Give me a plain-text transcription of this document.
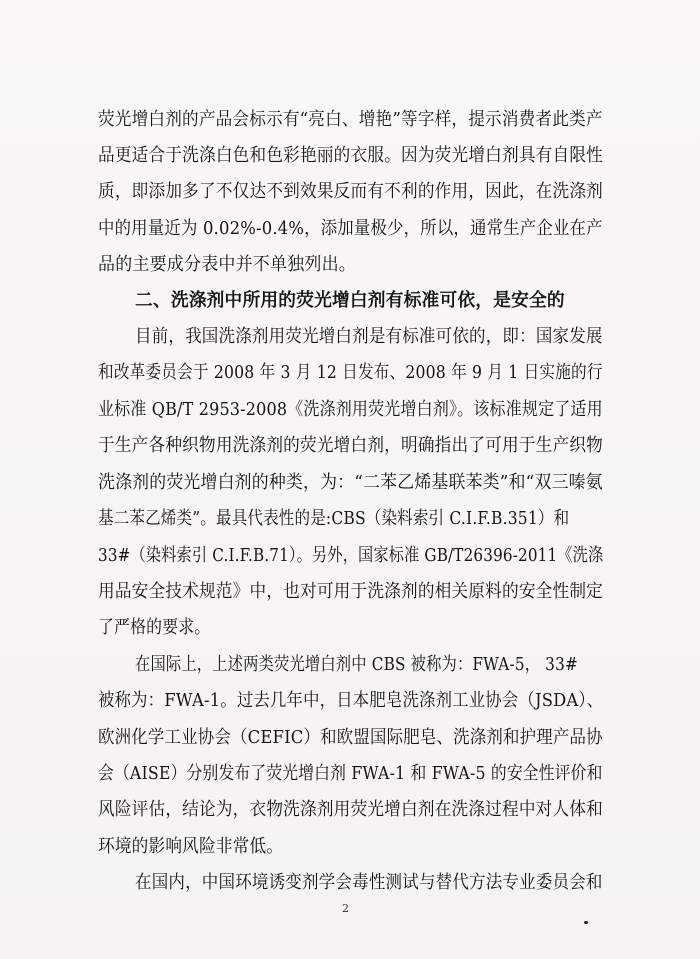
荧光增白剂的产品会标示有“亮白、增艳”等字样，提示消费者此类产
品更适合于洗涤白色和色彩艳丽的衣服。因为荧光增白剂具有自限性
质，即添加多了不仅达不到效果反而有不利的作用，因此，在洗涤剂
中的用量近为 0.02%-0.4%，添加量极少，所以，通常生产企业在产
品的主要成分表中并不单独列出。
二、洗涤剂中所用的荧光增白剂有标准可依，是安全的
目前，我国洗涤剂用荧光增白剂是有标准可依的，即：国家发展
和改革委员会于 2008 年 3 月 12 日发布、2008 年 9 月 1 日实施的行
业标准 QB/T 2953-2008《洗涤剂用荧光增白剂》。该标准规定了适用
于生产各种织物用洗涤剂的荧光增白剂，明确指出了可用于生产织物
洗涤剂的荧光增白剂的种类，为：“二苯乙烯基联苯类”和“双三嗪氨
基二苯乙烯类”。最具代表性的是:CBS（染料索引 C.I.F.B.351）和
33#（染料索引 C.I.F.B.71）。另外，国家标准 GB/T26396-2011《洗涤
用品安全技术规范》中，也对可用于洗涤剂的相关原料的安全性制定
了严格的要求。
在国际上，上述两类荧光增白剂中 CBS 被称为：FWA-5， 33#
被称为：FWA-1。过去几年中，日本肥皂洗涤剂工业协会（JSDA）、
欧洲化学工业协会（CEFIC）和欧盟国际肥皂、洗涤剂和护理产品协
会（AISE）分别发布了荧光增白剂 FWA-1 和 FWA-5 的安全性评价和
风险评估，结论为，衣物洗涤剂用荧光增白剂在洗涤过程中对人体和
环境的影响风险非常低。
在国内，中国环境诱变剂学会毒性测试与替代方法专业委员会和
2
